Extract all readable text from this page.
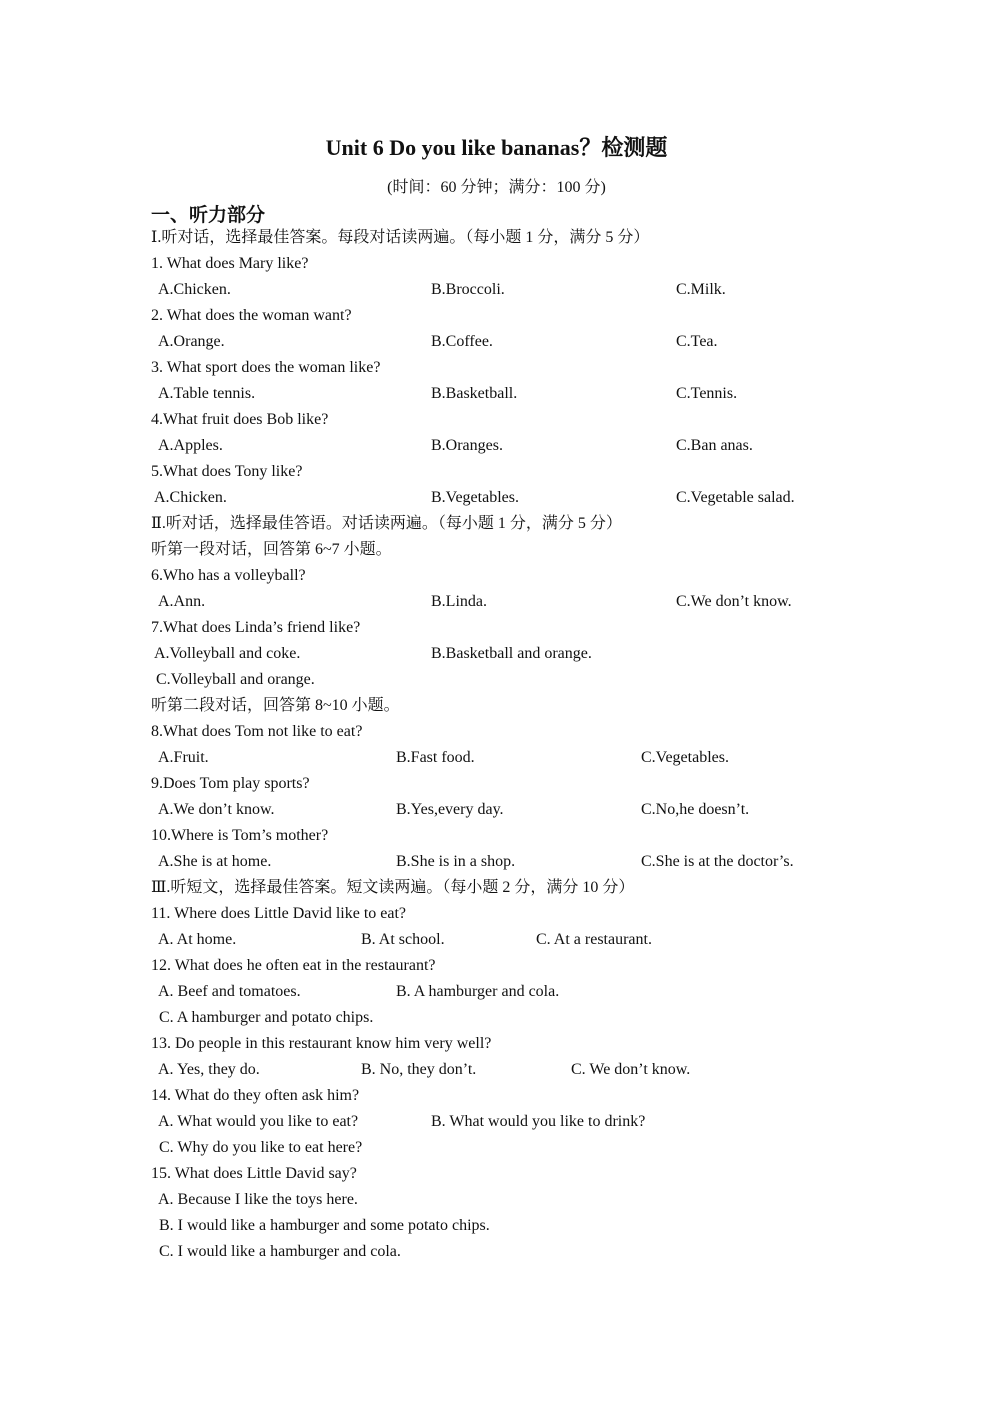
Unit 6 Do you like bananas？检测题
(时间：60 分钟；满分：100 分)
一、听力部分
Ⅰ.听对话，选择最佳答案。每段对话读两遍。（每小题 1 分，满分 5 分）
1. What does Mary like?
A.Chicken.	B.Broccoli.	C.Milk.
2. What does the woman want?
A.Orange.	B.Coffee.	C.Tea.
3. What sport does the woman like?
A.Table tennis.	B.Basketball.	C.Tennis.
4.What fruit does Bob like?
A.Apples.	B.Oranges.	C.Ban anas.
5.What does Tony like?
A.Chicken.	B.Vegetables.	C.Vegetable salad.
Ⅱ.听对话，选择最佳答语。对话读两遍。（每小题 1 分，满分 5 分）
听第一段对话，回答第 6~7 小题。
6.Who has a volleyball?
A.Ann.	B.Linda.	C.We don’t know.
7.What does Linda’s friend like?
A.Volleyball and coke.	B.Basketball and orange.
C.Volleyball and orange.
听第二段对话，回答第 8~10 小题。
8.What does Tom not like to eat?
A.Fruit.	B.Fast food.	C.Vegetables.
9.Does Tom play sports?
A.We don’t know.	B.Yes,every day.	C.No,he doesn’t.
10.Where is Tom’s mother?
A.She is at home.	B.She is in a shop.	C.She is at the doctor’s.
Ⅲ.听短文，选择最佳答案。短文读两遍。（每小题 2 分，满分 10 分）
11. Where does Little David like to eat?
A. At home.	B. At school.	C. At a restaurant.
12. What does he often eat in the restaurant?
A. Beef and tomatoes.	B. A hamburger and cola.
C. A hamburger and potato chips.
13. Do people in this restaurant know him very well?
A. Yes, they do.	B. No, they don’t.	C. We don’t know.
14. What do they often ask him?
A. What would you like to eat?	B. What would you like to drink?
C. Why do you like to eat here?
15. What does Little David say?
A. Because I like the toys here.
B. I would like a hamburger and some potato chips.
C. I would like a hamburger and cola.
